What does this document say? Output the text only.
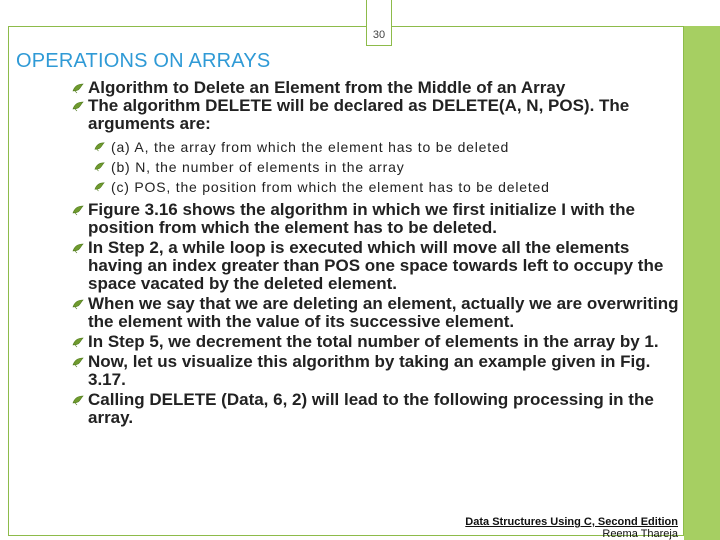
30
OPERATIONS ON ARRAYS
Algorithm to Delete an Element from the Middle of an Array
The algorithm DELETE will be declared as DELETE(A, N, POS). The arguments are:
(a) A, the array from which the element has to be deleted
(b) N, the number of elements in the array
(c) POS, the position from which the element has to be deleted
Figure 3.16 shows the algorithm in which we first initialize I with the position from which the element has to be deleted.
In Step 2, a while loop is executed which will move all the elements having an index greater than POS one space towards left to occupy the space vacated by the deleted element.
When we say that we are deleting an element, actually we are overwriting the element with the value of its successive element.
In Step 5, we decrement the total number of elements in the array by 1.
Now, let us visualize this algorithm by taking an example given in Fig. 3.17.
Calling DELETE (Data, 6, 2) will lead to the following processing in the array.
Data Structures Using C, Second Edition
Reema Thareja
